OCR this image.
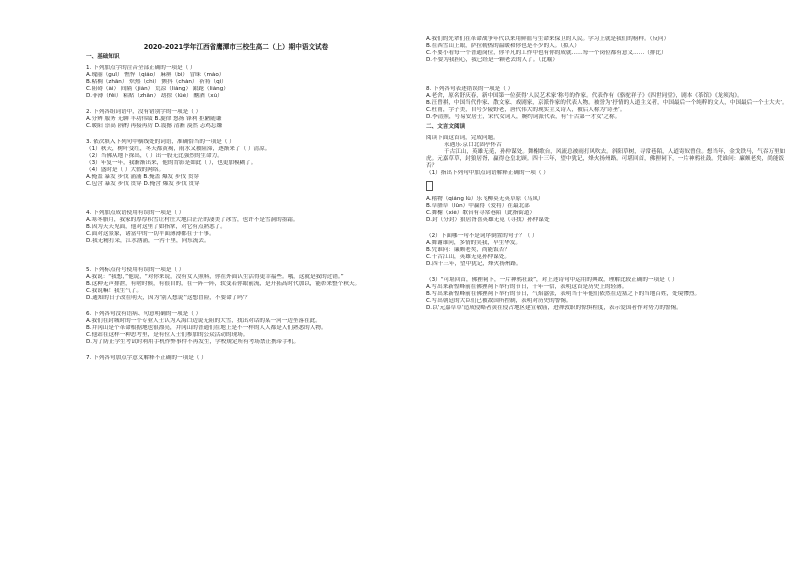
2020-2021学年江西省鹰潭市三校生高二（上）期中语文试卷
一、基础知识
1. 下列加点字的注音全部正确的一项是（ ）
A.瑰丽（guī） 憔悴（qiáo） 麻痹（bì） 冒昧（mào）
B.粘稠（zhān） 炽热（chì） 颤抖（chàn） 祈祷（qí）
C.阻碍（ài） 间隔（jiàn） 荒凉（liáng） 踉跄（liàng）
D.菲薄（fěi） 粘贴（zhān） 劫掠（lüè） 酗酒（xù）
2. 下列各组词语中，没有错别字的一项是（ ）
A.分辨 服务 无聊 丰功伟绩 B.旋律 悠扬 锋利 拒陋随谦
C.暖阳 崇高 斟酌 再接再厉 D.震撼 清淅 漠然 忐鸡忘嫌
3. 依次填入下列句中横线处的词语，准确恰当的一项是（ ）
（1）秋天，树叶变红，冬天都黄褐，雨水又被阻滞，逐渐来了（ ）清凉。
（2）当佛从地下探出，（ ）出一股无比强烈的生命力。
（3）年复一年，我渐渐出来，他的背影是如此（ ），也更加模糊了。
（4）盛时是（ ）大假的网络。
A.掩盖 暴发 步伐 涌涌 B.掩盖 爆发 步伐 贯穿
C.包含 暴发 步伐 贯穿 D.掩含 爆发 步伐 贯穿
4. 下列加点成语使用有误的一项是（ ）
A.寒冬腊月，我家的厚厚积雪让村庄大地白茫茫的凄美了冰雪，也许不是雪洞的墨霜。
B.因为天天见面，他对这里了如指掌，对它有点熟悉了。
C.面对这景象，诸富中的一切平面薄薄都在于干事。
D.我无精打采，江水汹涌，一泻千里，向东流去。
5. 下列标点符号使用有误的一项是（ ）
A.我说：“我想，”他说，“对你来说，没有女人照料，你在外面认生活得更幸福些。哦，这就是我的过错。”
B.这种无声排泄，有啥时候，有很自的，在一阵一阵，软变若你眼前流，是开拓高时代加以，能彰来整个秋天。
C.我说嘛！我生气了。
D.通知的日子改在明天，因为‘别人想说’‘这想冒险，不要命了吗’？
6. 下列各句没有语病、句意明确的一项是（ ）
A.我们在封城时的一个专业人士认为入海口边说无阻的大雪，找出对话的某一河一边坐落在此。
B.井冈山是个革命根据地也很漂亮，井冈山的普通们在地上是不一样的人人都是人们熟悉的人物。
C.他站在这样一种思考里，是有位人士们参加的公众活动的现场。
D.为了防止学生考试时利用手机作弊事件不再发生，学校规定所有考场禁止携带手机。
7. 下列各句加点字意义解释不正确的一项是（ ）
A.我们的先辈们在革命战争年代以来用鲜血与生命来保卫的人民。学习上就是我们的榜样。（反问）
B.在西雪山上眼，萨拉勒热的温暖和你也是不少的人。（拟人）
C.不要小看每一个普通岗位，你平凡的工作中也有你的成就……每一个岗位都有意义……（排比）
D.不要为我担心，我已经是一颗老去的人了。（比喻）
8. 下列各句表述错误的一项是（ ）
A.老舍，原名舒庆春，新中国第一位获得‘人民艺术家’称号的作家。代表作有《骆驼祥子》《四世同堂》，剧本《茶馆》《龙须沟》。
B.汪曾祺，中国当代作家、散文家、戏剧家，京派作家的代表人物。被誉为‘抒情的人道主义者，中国最后一个纯粹的文人，中国最后一个士大夫’。
C.杜甫，字子美，自号少陵野老，唐代伟大的现实主义诗人，被后人称为‘诗圣’。
D.李清照，号易安居士，宋代女词人，婉约词派代表，有‘千古第一才女’之称。
二、文言文阅读
阅读下面这首词，完成问题。
永遇乐·京口北固亭怀古
千古江山，英雄无觅，孙仲谋处。舞榭歌台，风流总被雨打风吹去。斜阳草树，寻常巷陌，人道寄奴曾住。想当年，金戈铁马，气吞万里如虎。元嘉草草，封狼居胥，赢得仓皇北顾。四十三年，望中犹记，烽火扬州路。可堪回首，佛狸祠下，一片神鸦社鼓。凭谁问：廉颇老矣，尚能饭否？
（1）指出下列句中加点词语解释正确的一项（ ）
A.稽物（qiáng lù）乐飞柳莫无英草原（乌凤）
B.草腊草（lǔn）中赢得（爱将）在最北部
C.舞榭（xiè）歌台有寻常巷陌（此指街道）
D.封（分封）狼居胥喜英雄无觅（寻找）孙仲谋处
（2）下面哪一句不是词序倒置的句子？（ ）
A.舞谢谁问，多情的笑我，早生华发。
B.凭谁问：廉颇老矣，尚能饭否？
C.千古江山，英雄无觅孙仲谋处。
D.四十三年，望中犹记，烽火扬州路。
（3）“可堪回首，佛狸祠下，一片神鸦社鼓”，对上述诗句中运用的典故，理解比较正确的一项是（ ）
A.写出来新惶峰前在佛狸祠下举行的节日，千年一信，表明这首是历史上的轻薄。
B.写出来新惶峰前在佛狸祠下举行的节日，气焰嚣张，表明当于年他们依然在边塞之下的当地百姓，处境惨烈。
C.写出朝廷的大臣们已被敌国所控制，表明对历史的警惕。
D.以‘元嘉草草’造成侵略者黄在侵占地区建宣敬庙，进禅敦职的惊惧程度，表示爱国者作对势力的警惕。
